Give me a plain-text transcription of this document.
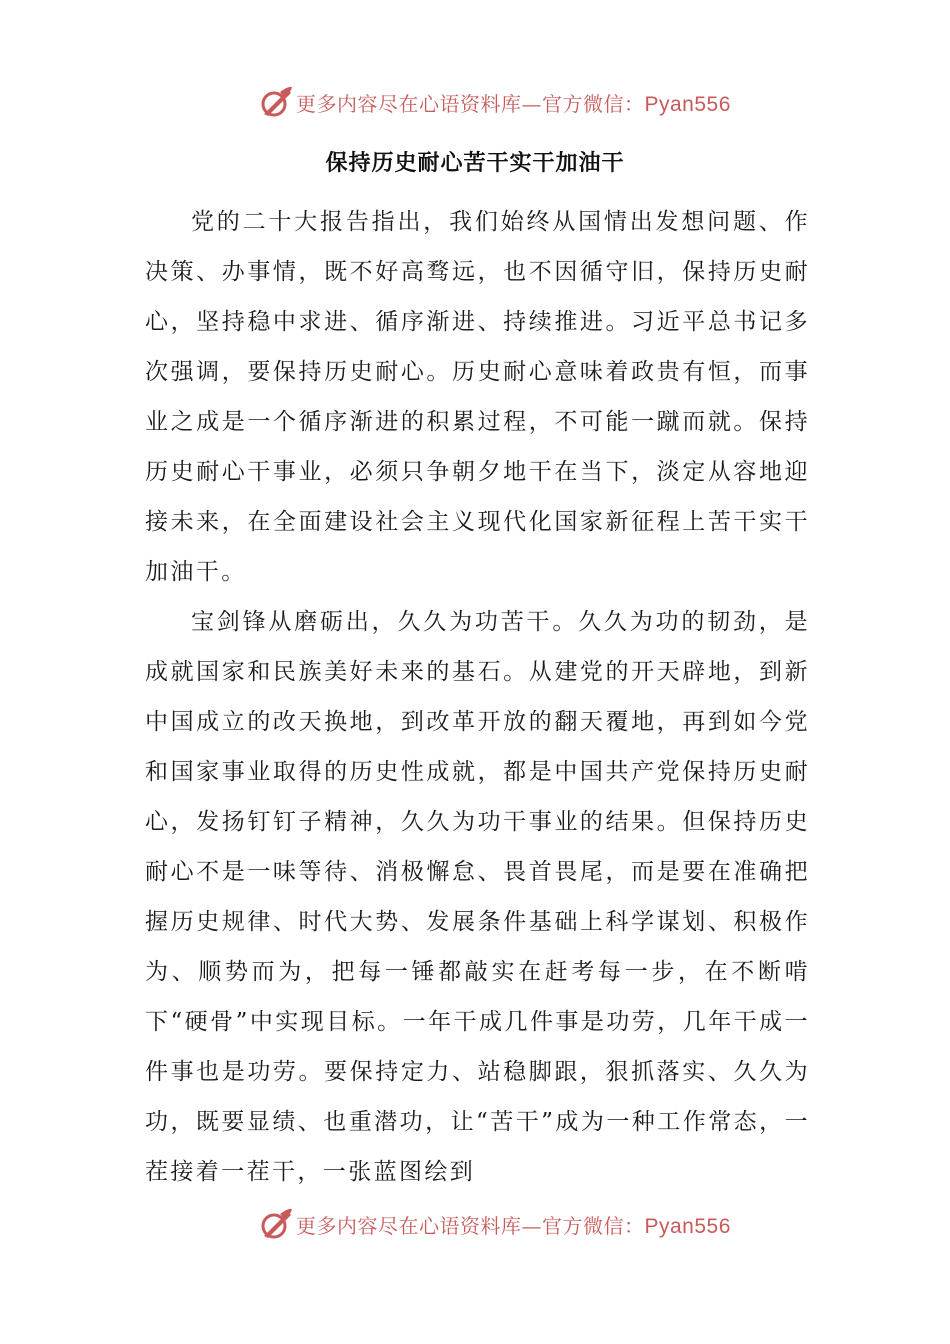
更多内容尽在心语资料库—官方微信：Pyan556
保持历史耐心苦干实干加油干

党的二十大报告指出，我们始终从国情出发想问题、作决策、办事情，既不好高骛远，也不因循守旧，保持历史耐心，坚持稳中求进、循序渐进、持续推进。习近平总书记多次强调，要保持历史耐心。历史耐心意味着政贵有恒，而事业之成是一个循序渐进的积累过程，不可能一蹴而就。保持历史耐心干事业，必须只争朝夕地干在当下，淡定从容地迎接未来，在全面建设社会主义现代化国家新征程上苦干实干加油干。

宝剑锋从磨砺出，久久为功苦干。久久为功的韧劲，是成就国家和民族美好未来的基石。从建党的开天辟地，到新中国成立的改天换地，到改革开放的翻天覆地，再到如今党和国家事业取得的历史性成就，都是中国共产党保持历史耐心，发扬钉钉子精神，久久为功干事业的结果。但保持历史耐心不是一味等待、消极懈怠、畏首畏尾，而是要在准确把握历史规律、时代大势、发展条件基础上科学谋划、积极作为、顺势而为，把每一锤都敲实在赶考每一步，在不断啃下“硬骨”中实现目标。一年干成几件事是功劳，几年干成一件事也是功劳。要保持定力、站稳脚跟，狠抓落实、久久为功，既要显绩、也重潜功，让“苦干”成为一种工作常态，一茬接着一茬干，一张蓝图绘到

更多内容尽在心语资料库—官方微信：Pyan556
